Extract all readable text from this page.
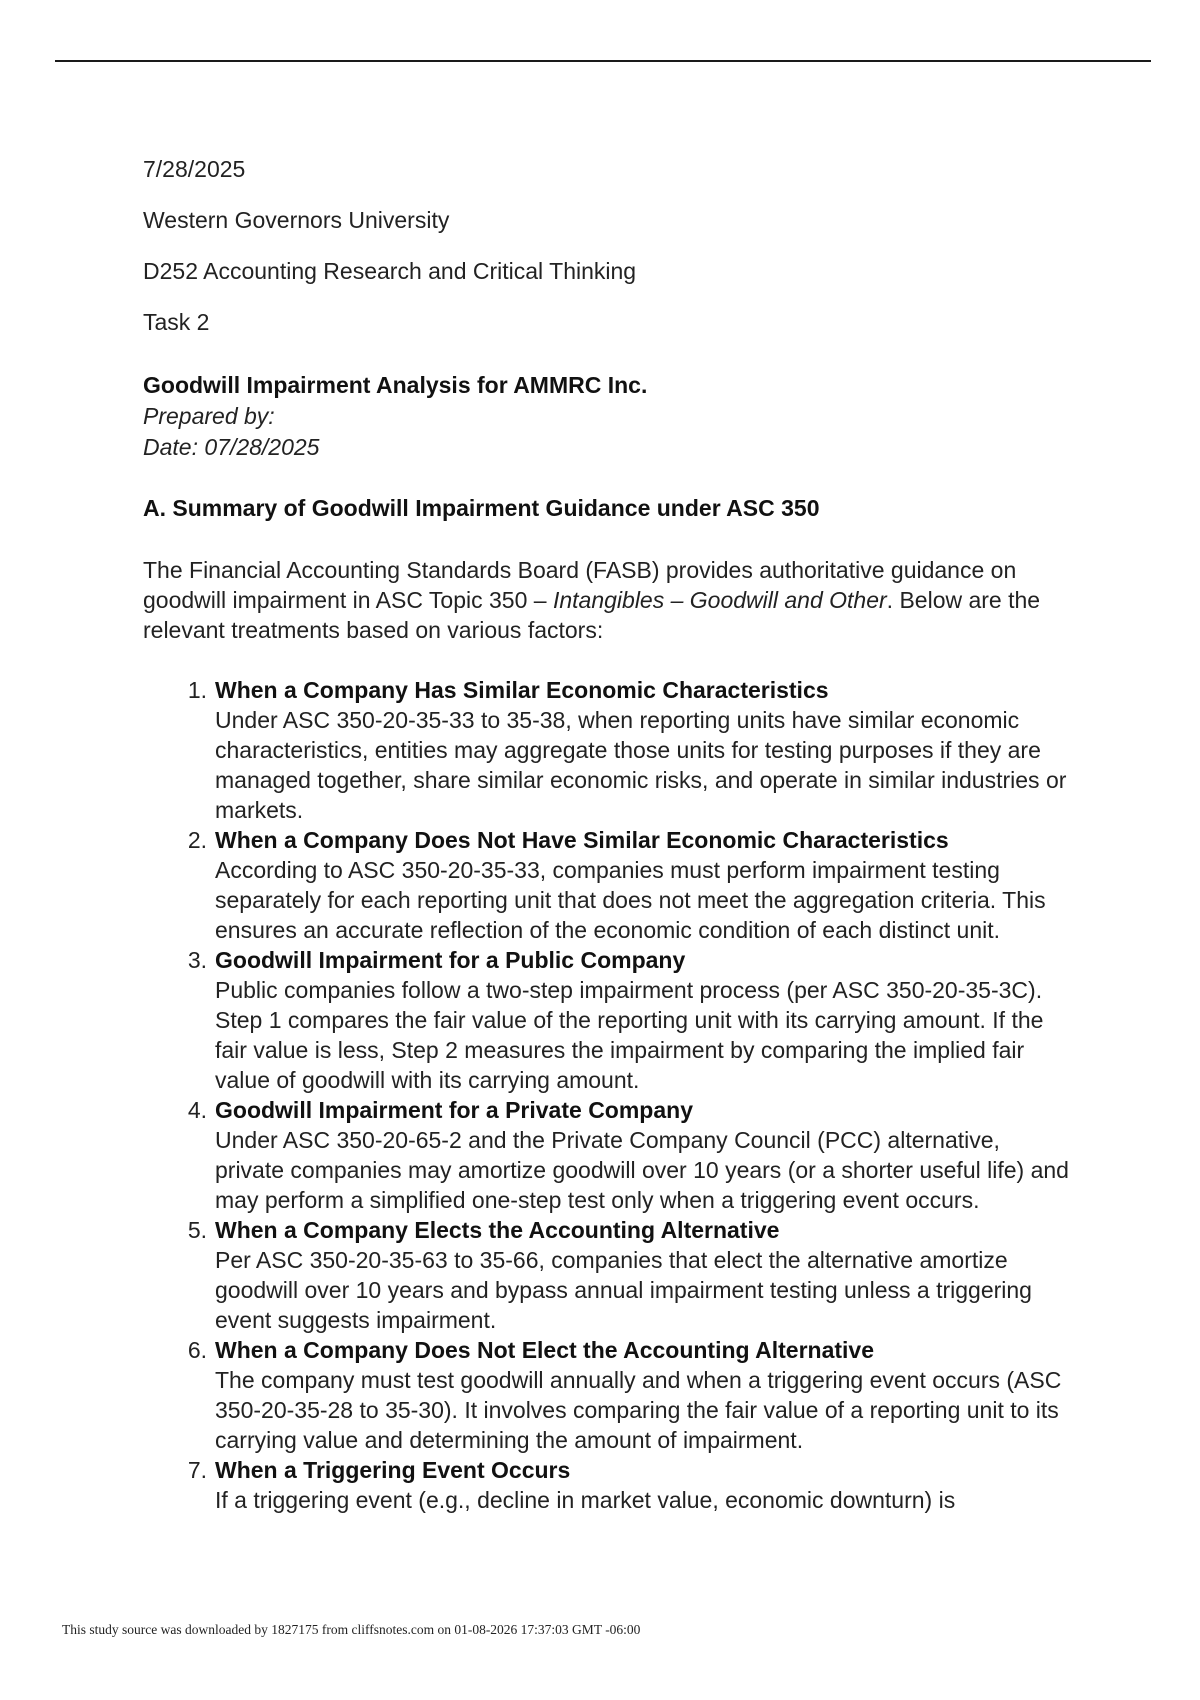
7/28/2025

Western Governors University

D252 Accounting Research and Critical Thinking

Task 2

Goodwill Impairment Analysis for AMMRC Inc.

Prepared by:

Date: 07/28/2025

A. Summary of Goodwill Impairment Guidance under ASC 350

The Financial Accounting Standards Board (FASB) provides authoritative guidance on goodwill impairment in ASC Topic 350 – Intangibles – Goodwill and Other. Below are the relevant treatments based on various factors:

1. When a Company Has Similar Economic Characteristics
Under ASC 350-20-35-33 to 35-38, when reporting units have similar economic characteristics, entities may aggregate those units for testing purposes if they are managed together, share similar economic risks, and operate in similar industries or markets.
2. When a Company Does Not Have Similar Economic Characteristics
According to ASC 350-20-35-33, companies must perform impairment testing separately for each reporting unit that does not meet the aggregation criteria. This ensures an accurate reflection of the economic condition of each distinct unit.
3. Goodwill Impairment for a Public Company
Public companies follow a two-step impairment process (per ASC 350-20-35-3C). Step 1 compares the fair value of the reporting unit with its carrying amount. If the fair value is less, Step 2 measures the impairment by comparing the implied fair value of goodwill with its carrying amount.
4. Goodwill Impairment for a Private Company
Under ASC 350-20-65-2 and the Private Company Council (PCC) alternative, private companies may amortize goodwill over 10 years (or a shorter useful life) and may perform a simplified one-step test only when a triggering event occurs.
5. When a Company Elects the Accounting Alternative
Per ASC 350-20-35-63 to 35-66, companies that elect the alternative amortize goodwill over 10 years and bypass annual impairment testing unless a triggering event suggests impairment.
6. When a Company Does Not Elect the Accounting Alternative
The company must test goodwill annually and when a triggering event occurs (ASC 350-20-35-28 to 35-30). It involves comparing the fair value of a reporting unit to its carrying value and determining the amount of impairment.
7. When a Triggering Event Occurs
If a triggering event (e.g., decline in market value, economic downturn) is
This study source was downloaded by 1827175 from cliffsnotes.com on 01-08-2026 17:37:03 GMT -06:00
